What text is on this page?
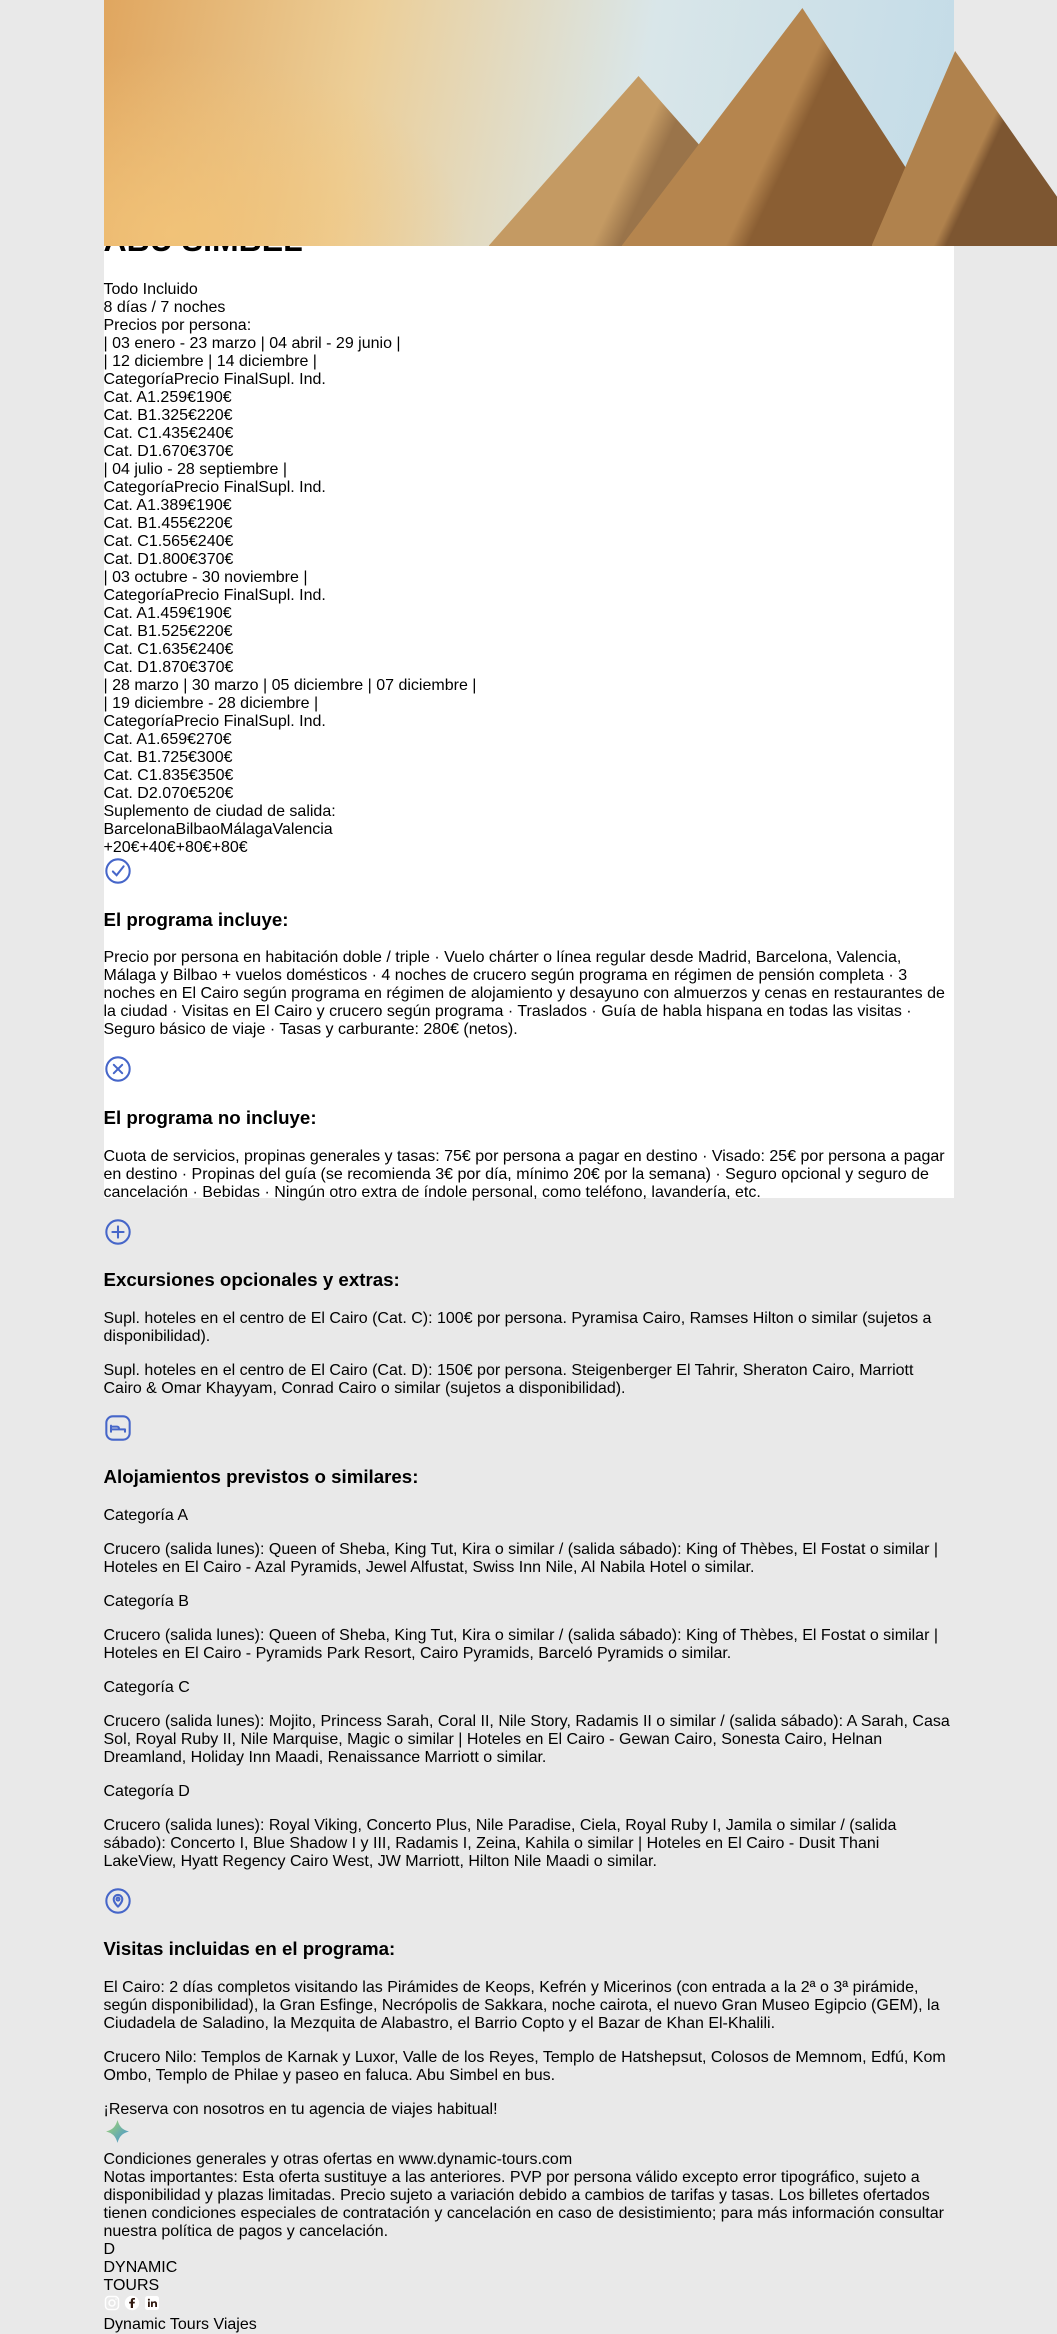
Todo Incluido
8 días / 7 noches
Precios por persona:
| 03 enero - 23 marzo | 04 abril - 29 junio |
| 12 diciembre | 14 diciembre |
CategoríaPrecio FinalSupl. Ind.
Cat. A1.259€190€
Cat. B1.325€220€
Cat. C1.435€240€
Cat. D1.670€370€
| 04 julio - 28 septiembre |
CategoríaPrecio FinalSupl. Ind.
Cat. A1.389€190€
Cat. B1.455€220€
Cat. C1.565€240€
Cat. D1.800€370€
| 03 octubre - 30 noviembre |
CategoríaPrecio FinalSupl. Ind.
Cat. A1.459€190€
Cat. B1.525€220€
Cat. C1.635€240€
Cat. D1.870€370€
| 28 marzo | 30 marzo | 05 diciembre | 07 diciembre |
| 19 diciembre - 28 diciembre |
CategoríaPrecio FinalSupl. Ind.
Cat. A1.659€270€
Cat. B1.725€300€
Cat. C1.835€350€
Cat. D2.070€520€
Suplemento de ciudad de salida:
BarcelonaBilbaoMálagaValencia
+20€+40€+80€+80€
El programa incluye:

Precio por persona en habitación doble / triple · Vuelo chárter o línea regular desde Madrid, Barcelona, Valencia, Málaga y Bilbao + vuelos domésticos · 4 noches de crucero según programa en régimen de pensión completa · 3 noches en El Cairo según programa en régimen de alojamiento y desayuno con almuerzos y cenas en restaurantes de la ciudad · Visitas en El Cairo y crucero según programa · Traslados · Guía de habla hispana en todas las visitas · Seguro básico de viaje · Tasas y carburante: 280€ (netos).

El programa no incluye:

Cuota de servicios, propinas generales y tasas: 75€ por persona a pagar en destino · Visado: 25€ por persona a pagar en destino · Propinas del guía (se recomienda 3€ por día, mínimo 20€ por la semana) · Seguro opcional y seguro de cancelación · Bebidas · Ningún otro extra de índole personal, como teléfono, lavandería, etc.

Excursiones opcionales y extras:

Supl. hoteles en el centro de El Cairo (Cat. C): 100€ por persona. Pyramisa Cairo, Ramses Hilton o similar (sujetos a disponibilidad).

Supl. hoteles en el centro de El Cairo (Cat. D): 150€ por persona. Steigenberger El Tahrir, Sheraton Cairo, Marriott Cairo & Omar Khayyam, Conrad Cairo o similar (sujetos a disponibilidad).

Alojamientos previstos o similares:

Categoría A

Crucero (salida lunes): Queen of Sheba, King Tut, Kira o similar / (salida sábado): King of Thèbes, El Fostat o similar | Hoteles en El Cairo - Azal Pyramids, Jewel Alfustat, Swiss Inn Nile, Al Nabila Hotel o similar.

Categoría B

Crucero (salida lunes): Queen of Sheba, King Tut, Kira o similar / (salida sábado): King of Thèbes, El Fostat o similar | Hoteles en El Cairo - Pyramids Park Resort, Cairo Pyramids, Barceló Pyramids o similar.

Categoría C

Crucero (salida lunes): Mojito, Princess Sarah, Coral II, Nile Story, Radamis II o similar / (salida sábado): A Sarah, Casa Sol, Royal Ruby II, Nile Marquise, Magic o similar | Hoteles en El Cairo - Gewan Cairo, Sonesta Cairo, Helnan Dreamland, Holiday Inn Maadi, Renaissance Marriott o similar.

Categoría D

Crucero (salida lunes): Royal Viking, Concerto Plus, Nile Paradise, Ciela, Royal Ruby I, Jamila o similar / (salida sábado): Concerto I, Blue Shadow I y III, Radamis I, Zeina, Kahila o similar | Hoteles en El Cairo - Dusit Thani LakeView, Hyatt Regency Cairo West, JW Marriott, Hilton Nile Maadi o similar.

Visitas incluidas en el programa:

El Cairo: 2 días completos visitando las Pirámides de Keops, Kefrén y Micerinos (con entrada a la 2ª o 3ª pirámide, según disponibilidad), la Gran Esfinge, Necrópolis de Sakkara, noche cairota, el nuevo Gran Museo Egipcio (GEM), la Ciudadela de Saladino, la Mezquita de Alabastro, el Barrio Copto y el Bazar de Khan El-Khalili.

Crucero Nilo: Templos de Karnak y Luxor, Valle de los Reyes, Templo de Hatshepsut, Colosos de Memnom, Edfú, Kom Ombo, Templo de Philae y paseo en faluca. Abu Simbel en bus.

¡Reserva con nosotros en tu agencia de viajes habitual!
Condiciones generales y otras ofertas en www.dynamic-tours.com
Notas importantes: Esta oferta sustituye a las anteriores. PVP por persona válido excepto error tipográfico, sujeto a disponibilidad y plazas limitadas. Precio sujeto a variación debido a cambios de tarifas y tasas. Los billetes ofertados tienen condiciones especiales de contratación y cancelación en caso de desistimiento; para más información consultar nuestra política de pagos y cancelación.
D
DYNAMIC
TOURS

Dynamic Tours Viajes
